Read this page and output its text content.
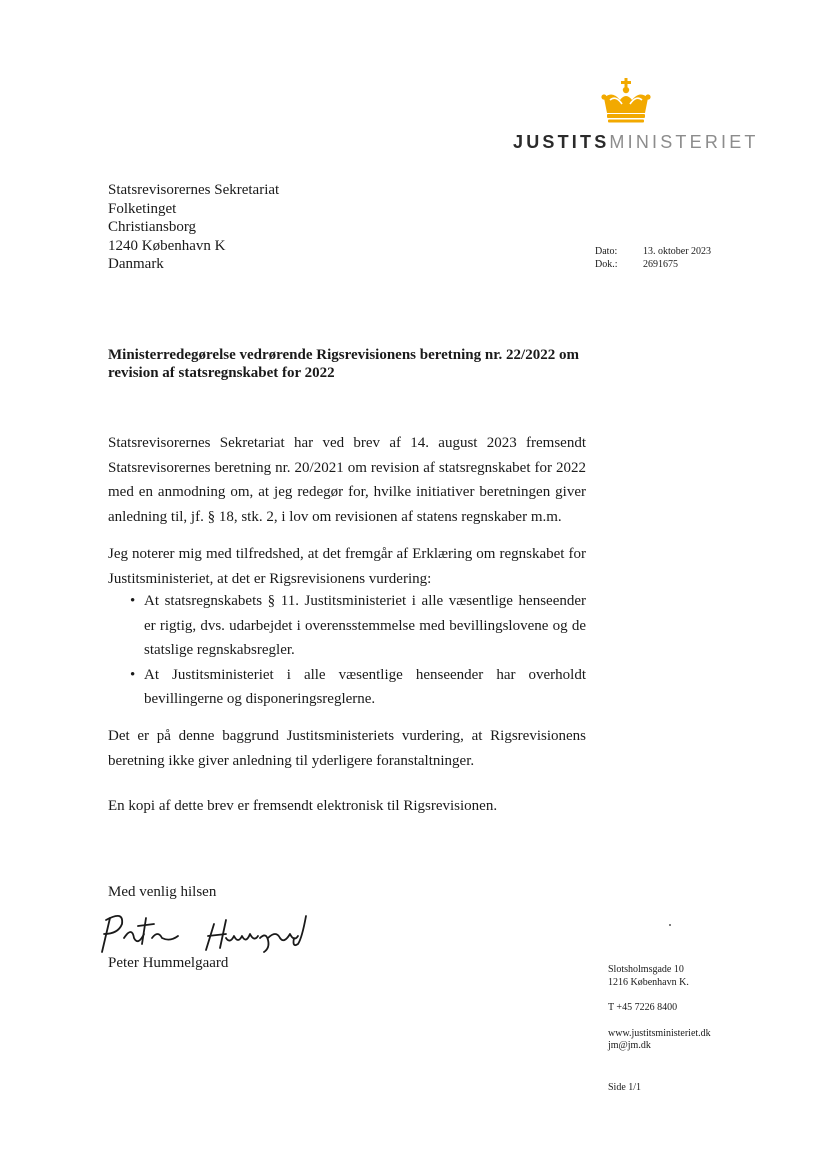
JUSTITSMINISTERIET
Statsrevisorernes Sekretariat
Folketinget
Christiansborg
1240 København K
Danmark
Dato:	13. oktober 2023
Dok.:	2691675
Ministerredegørelse vedrørende Rigsrevisionens beretning nr. 22/2022 om revision af statsregnskabet for 2022
Statsrevisorernes Sekretariat har ved brev af 14. august 2023 fremsendt Statsrevisorernes beretning nr. 20/2021 om revision af statsregnskabet for 2022 med en anmodning om, at jeg redegør for, hvilke initiativer beretningen giver anledning til, jf. § 18, stk. 2, i lov om revisionen af statens regnskaber m.m.
Jeg noterer mig med tilfredshed, at det fremgår af Erklæring om regnskabet for Justitsministeriet, at det er Rigsrevisionens vurdering:
• At statsregnskabets § 11. Justitsministeriet i alle væsentlige henseender er rigtig, dvs. udarbejdet i overensstemmelse med bevillingslovene og de statslige regnskabsregler.
• At Justitsministeriet i alle væsentlige henseender har overholdt bevillingerne og disponeringsreglerne.
Det er på denne baggrund Justitsministeriets vurdering, at Rigsrevisionens beretning ikke giver anledning til yderligere foranstaltninger.
En kopi af dette brev er fremsendt elektronisk til Rigsrevisionen.
Med venlig hilsen
Peter Hummelgaard	Slotsholmsgade 10
1216 København K.
T +45 7226 8400
www.justitsministeriet.dk
jm@jm.dk
Side 1/1
